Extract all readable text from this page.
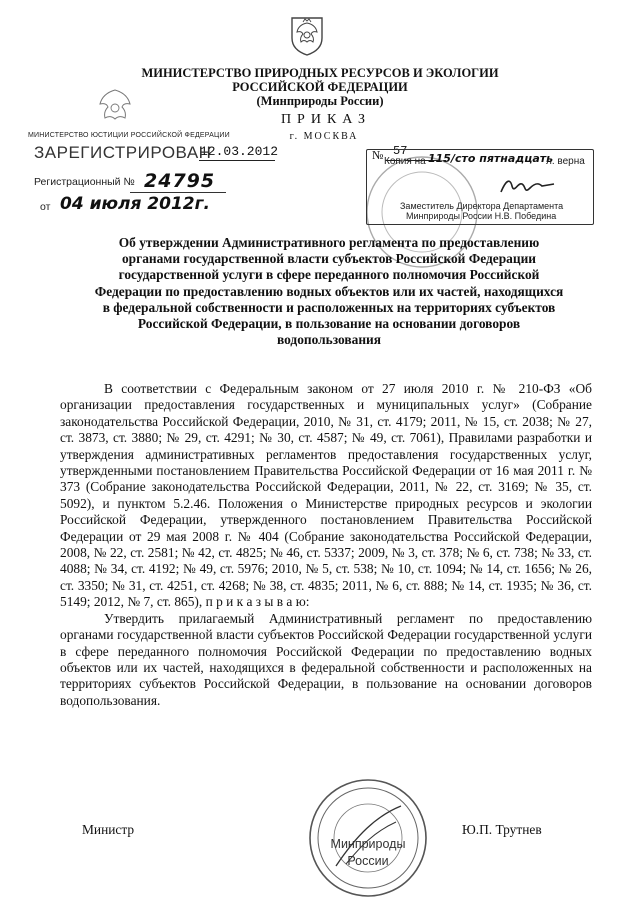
МИНИСТЕРСТВО ПРИРОДНЫХ РЕСУРСОВ И ЭКОЛОГИИ
РОССИЙСКОЙ ФЕДЕРАЦИИ
(Минприроды России)
ПРИКАЗ
г. МОСКВА
12.03.2012	№ 57
МИНИСТЕРСТВО ЮСТИЦИИ РОССИЙСКОЙ ФЕДЕРАЦИИ
ЗАРЕГИСТРИРОВАН
Регистрационный № 24795
от 04 июля 2012г.
Копия на 115/сто пятнадцать
л. верна
Заместитель Директора Департамента
Минприроды России Н.В. Победина
Об утверждении Административного регламента по предоставлению органами государственной власти субъектов Российской Федерации государственной услуги в сфере переданного полномочия Российской Федерации по предоставлению водных объектов или их частей, находящихся в федеральной собственности и расположенных на территориях субъектов Российской Федерации, в пользование на основании договоров водопользования

В соответствии с Федеральным законом от 27 июля 2010 г. № 210-ФЗ «Об организации предоставления государственных и муниципальных услуг» (Собрание законодательства Российской Федерации, 2010, № 31, ст. 4179; 2011, № 15, ст. 2038; № 27, ст. 3873, ст. 3880; № 29, ст. 4291; № 30, ст. 4587; № 49, ст. 7061), Правилами разработки и утверждения административных регламентов предоставления государственных услуг, утвержденными постановлением Правительства Российской Федерации от 16 мая 2011 г. № 373 (Собрание законодательства Российской Федерации, 2011, № 22, ст. 3169; № 35, ст. 5092), и пунктом 5.2.46. Положения о Министерстве природных ресурсов и экологии Российской Федерации, утвержденного постановлением Правительства Российской Федерации от 29 мая 2008 г. № 404 (Собрание законодательства Российской Федерации, 2008, № 22, ст. 2581; № 42, ст. 4825; № 46, ст. 5337; 2009, № 3, ст. 378; № 6, ст. 738; № 33, ст. 4088; № 34, ст. 4192; № 49, ст. 5976; 2010, № 5, ст. 538; № 10, ст. 1094; № 14, ст. 1656; № 26, ст. 3350; № 31, ст. 4251, ст. 4268; № 38, ст. 4835; 2011, № 6, ст. 888; № 14, ст. 1935; № 36, ст. 5149; 2012, № 7, ст. 865), п р и к а з ы в а ю:

Утвердить прилагаемый Административный регламент по предоставлению органами государственной власти субъектов Российской Федерации государственной услуги в сфере переданного полномочия Российской Федерации по предоставлению водных объектов или их частей, находящихся в федеральной собственности и расположенных на территориях субъектов Российской Федерации, в пользование на основании договоров водопользования.

Министр	Ю.П. Трутнев
Минприроды
России
